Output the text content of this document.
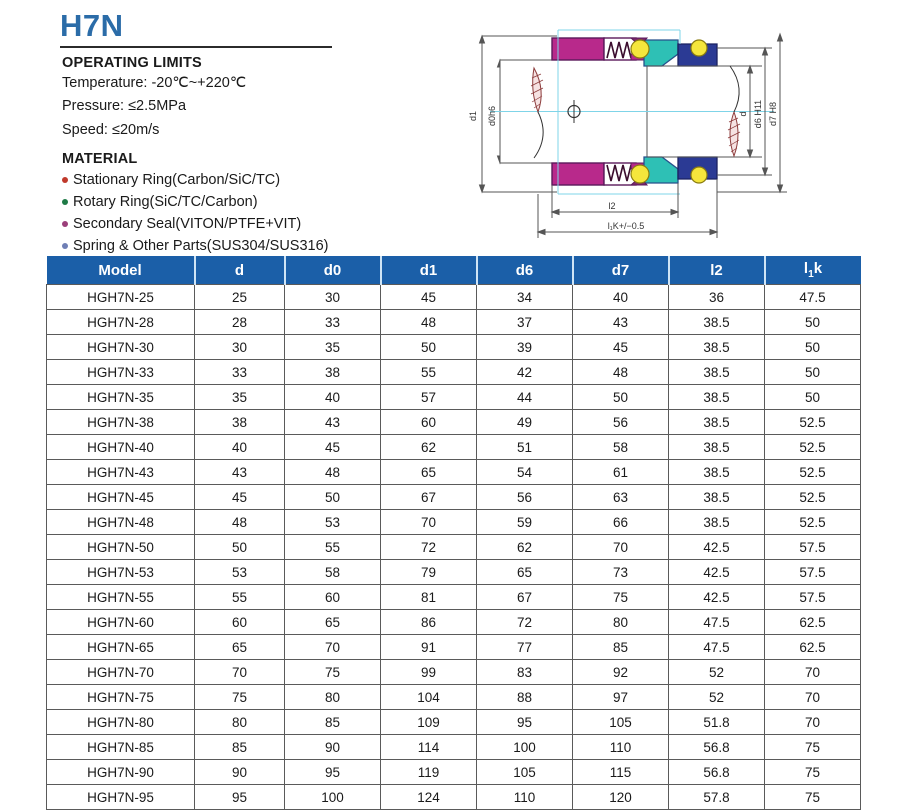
H7N
OPERATING LIMITS
Temperature: -20℃~+220℃
Pressure: ≤2.5MPa
Speed: ≤20m/s
MATERIAL
Stationary Ring(Carbon/SiC/TC)
Rotary Ring(SiC/TC/Carbon)
Secondary Seal(VITON/PTFE+VIT)
Spring & Other Parts(SUS304/SUS316)
d1 d0h6	d d6 H11 d7 H8
l2
l₁K+/−0.5
Model	d	d0	d1	d6	d7	l2	$l_1k$
HGH7N-25	25	30	45	34	40	36	47.5
HGH7N-28	28	33	48	37	43	38.5	50
HGH7N-30	30	35	50	39	45	38.5	50
HGH7N-33	33	38	55	42	48	38.5	50
HGH7N-35	35	40	57	44	50	38.5	50
HGH7N-38	38	43	60	49	56	38.5	52.5
HGH7N-40	40	45	62	51	58	38.5	52.5
HGH7N-43	43	48	65	54	61	38.5	52.5
HGH7N-45	45	50	67	56	63	38.5	52.5
HGH7N-48	48	53	70	59	66	38.5	52.5
HGH7N-50	50	55	72	62	70	42.5	57.5
HGH7N-53	53	58	79	65	73	42.5	57.5
HGH7N-55	55	60	81	67	75	42.5	57.5
HGH7N-60	60	65	86	72	80	47.5	62.5
HGH7N-65	65	70	91	77	85	47.5	62.5
HGH7N-70	70	75	99	83	92	52	70
HGH7N-75	75	80	104	88	97	52	70
HGH7N-80	80	85	109	95	105	51.8	70
HGH7N-85	85	90	114	100	110	56.8	75
HGH7N-90	90	95	119	105	115	56.8	75
HGH7N-95	95	100	124	110	120	57.8	75
